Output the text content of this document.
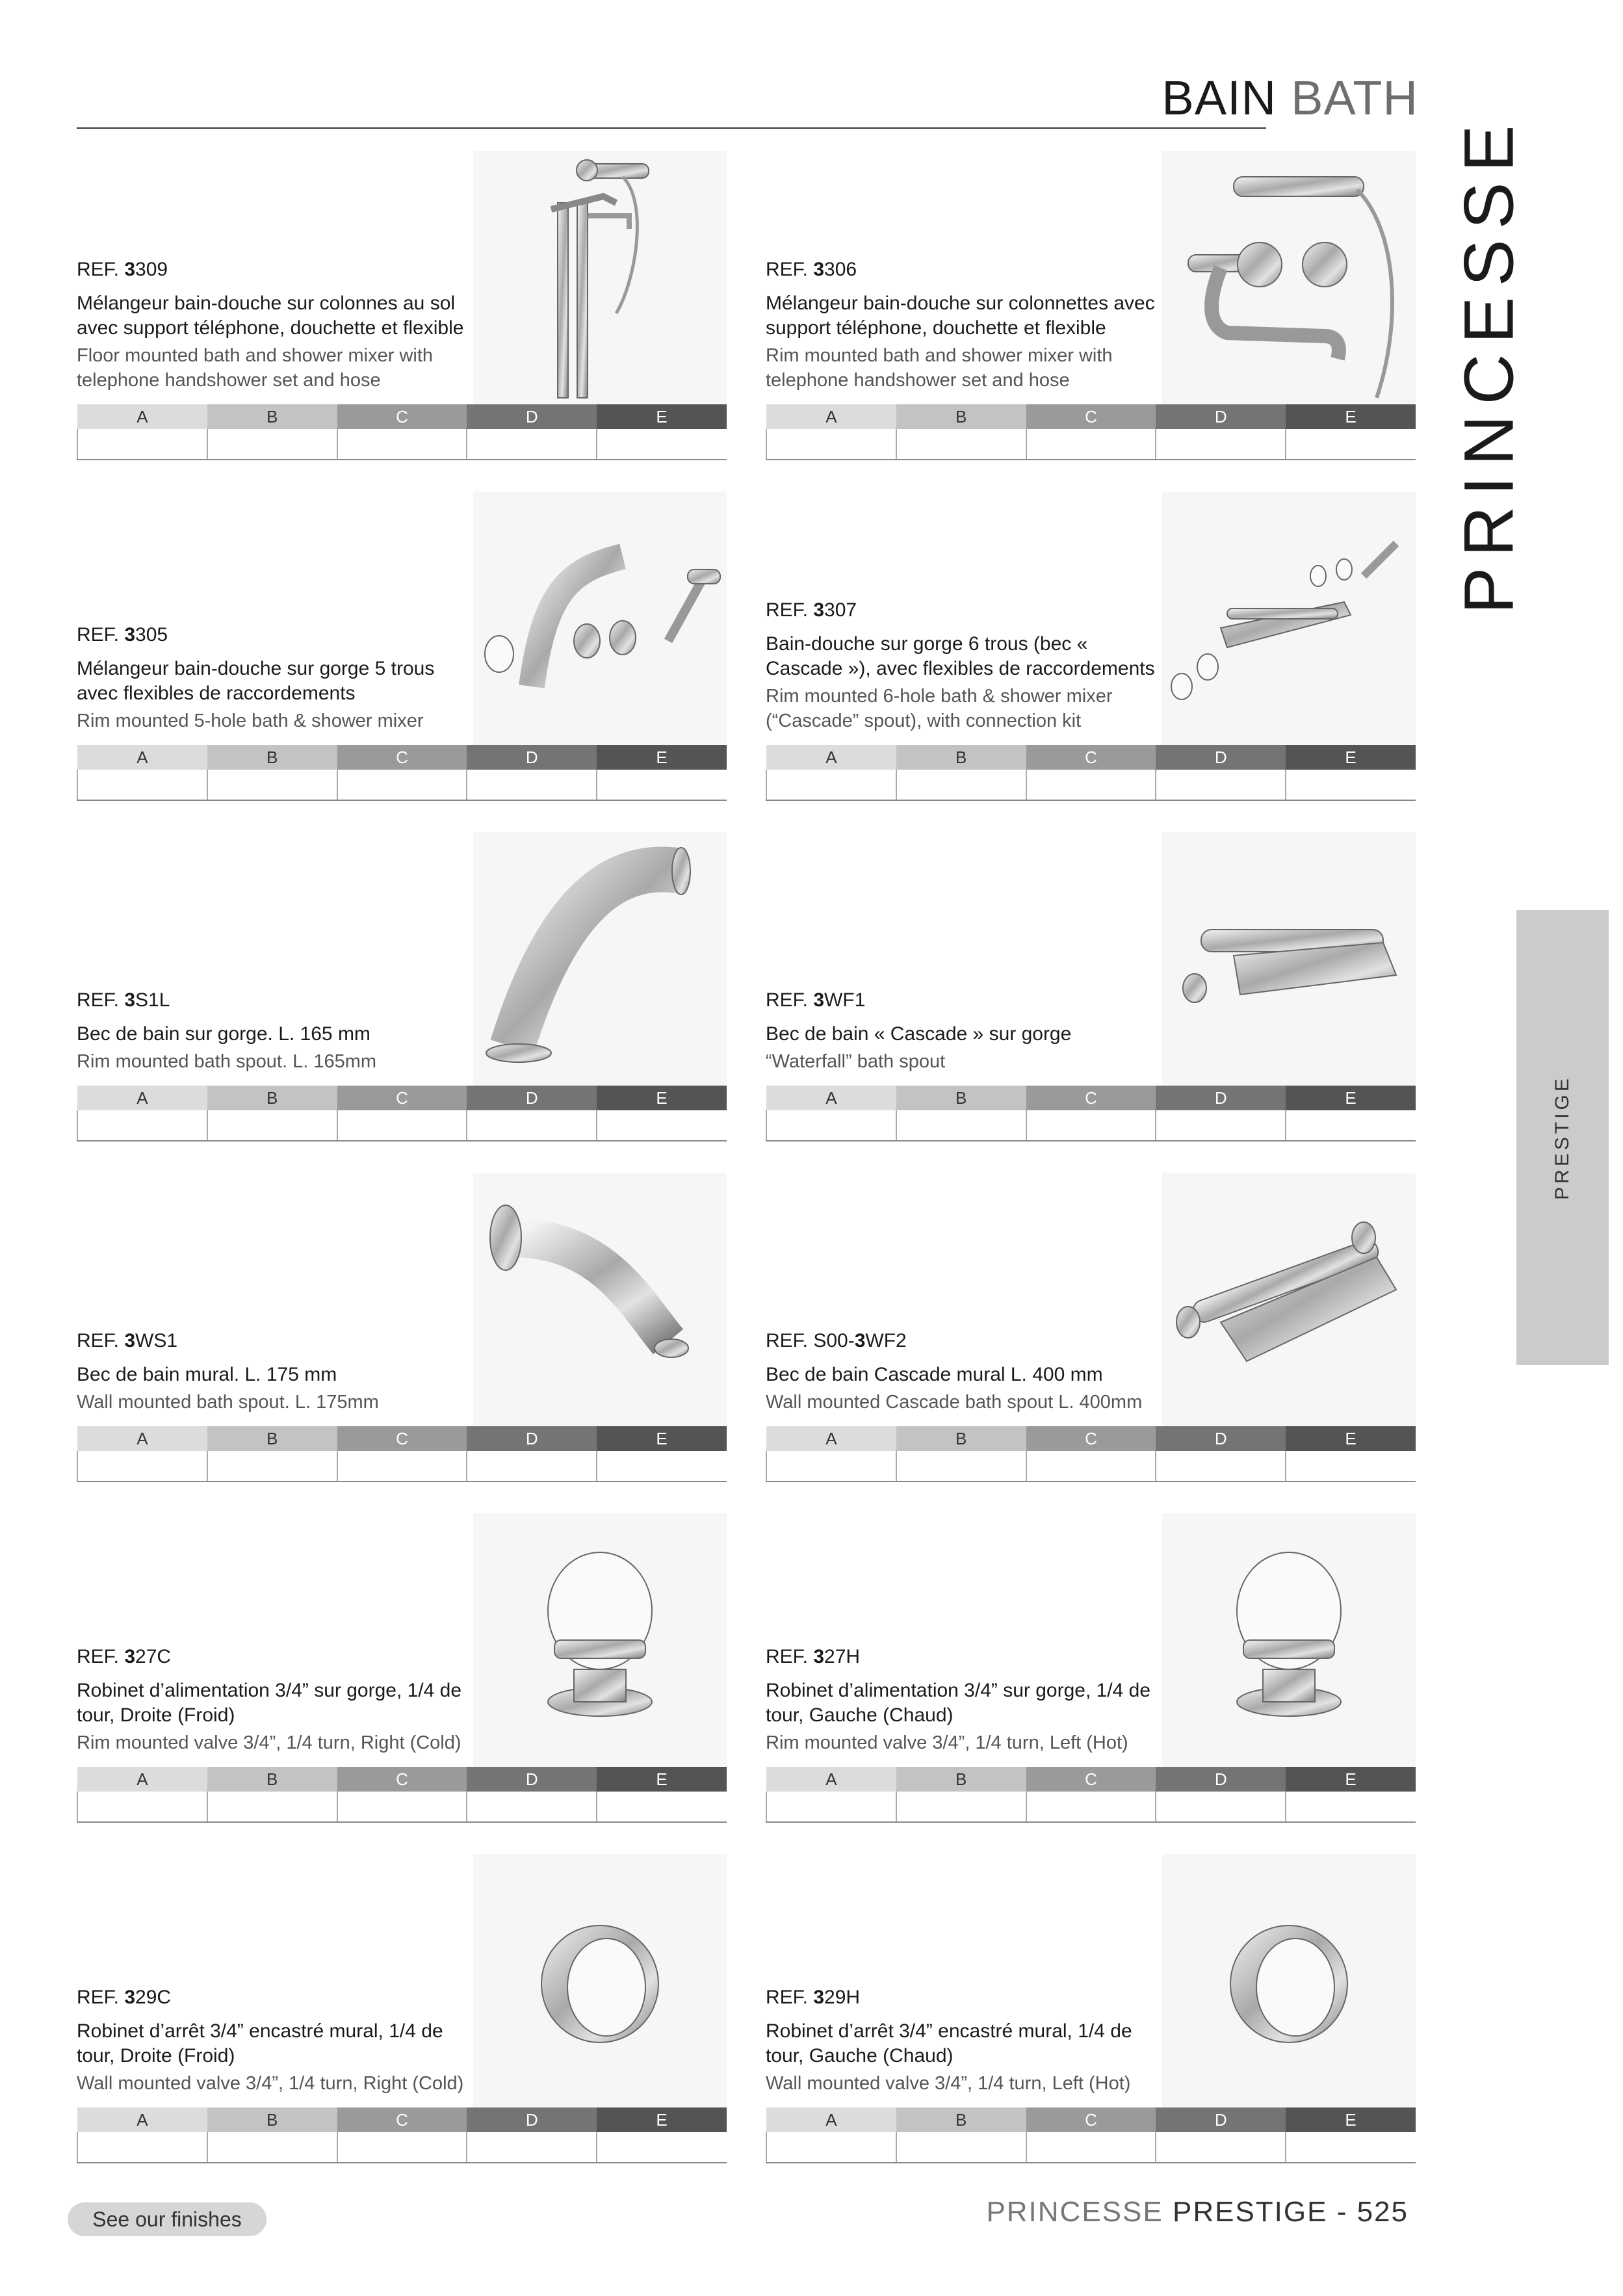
BAIN BATH
PRINCESSE
PRESTIGE
REF. 3309
Mélangeur bain-douche sur colonnes au sol avec support téléphone, douchette et flexible
Floor mounted bath and shower mixer with telephone handshower set and hose
A	B	C	D	E

REF. 3306
Mélangeur bain-douche sur colonnettes avec support téléphone, douchette et flexible
Rim mounted bath and shower mixer with telephone handshower set and hose
A	B	C	D	E

REF. 3305
Mélangeur bain-douche sur gorge 5 trous avec flexibles de raccordements
Rim mounted 5-hole bath & shower mixer
A	B	C	D	E

REF. 3307
Bain-douche sur gorge 6 trous (bec « Cascade »), avec flexibles de raccordements
Rim mounted 6-hole bath & shower mixer (“Cascade” spout), with connection kit
A	B	C	D	E

REF. 3S1L
Bec de bain sur gorge. L. 165 mm
Rim mounted bath spout. L. 165mm
A	B	C	D	E

REF. 3WF1
Bec de bain « Cascade » sur gorge
“Waterfall” bath spout
A	B	C	D	E

REF. 3WS1
Bec de bain mural. L. 175 mm
Wall mounted bath spout. L. 175mm
A	B	C	D	E

REF. S00-3WF2
Bec de bain Cascade mural L. 400 mm
Wall mounted Cascade bath spout L. 400mm
A	B	C	D	E

REF. 327C
Robinet d’alimentation 3/4” sur gorge, 1/4 de tour, Droite (Froid)
Rim mounted valve 3/4”, 1/4 turn, Right (Cold)
A	B	C	D	E

REF. 327H
Robinet d’alimentation 3/4” sur gorge, 1/4 de tour, Gauche (Chaud)
Rim mounted valve 3/4”, 1/4 turn, Left (Hot)
A	B	C	D	E

REF. 329C
Robinet d’arrêt 3/4” encastré mural, 1/4 de tour, Droite (Froid)
Wall mounted valve 3/4”, 1/4 turn, Right (Cold)
A	B	C	D	E

REF. 329H
Robinet d’arrêt 3/4” encastré mural, 1/4 de tour, Gauche (Chaud)
Wall mounted valve 3/4”, 1/4 turn, Left (Hot)
A	B	C	D	E

See our finishes	PRINCESSE PRESTIGE - 525
